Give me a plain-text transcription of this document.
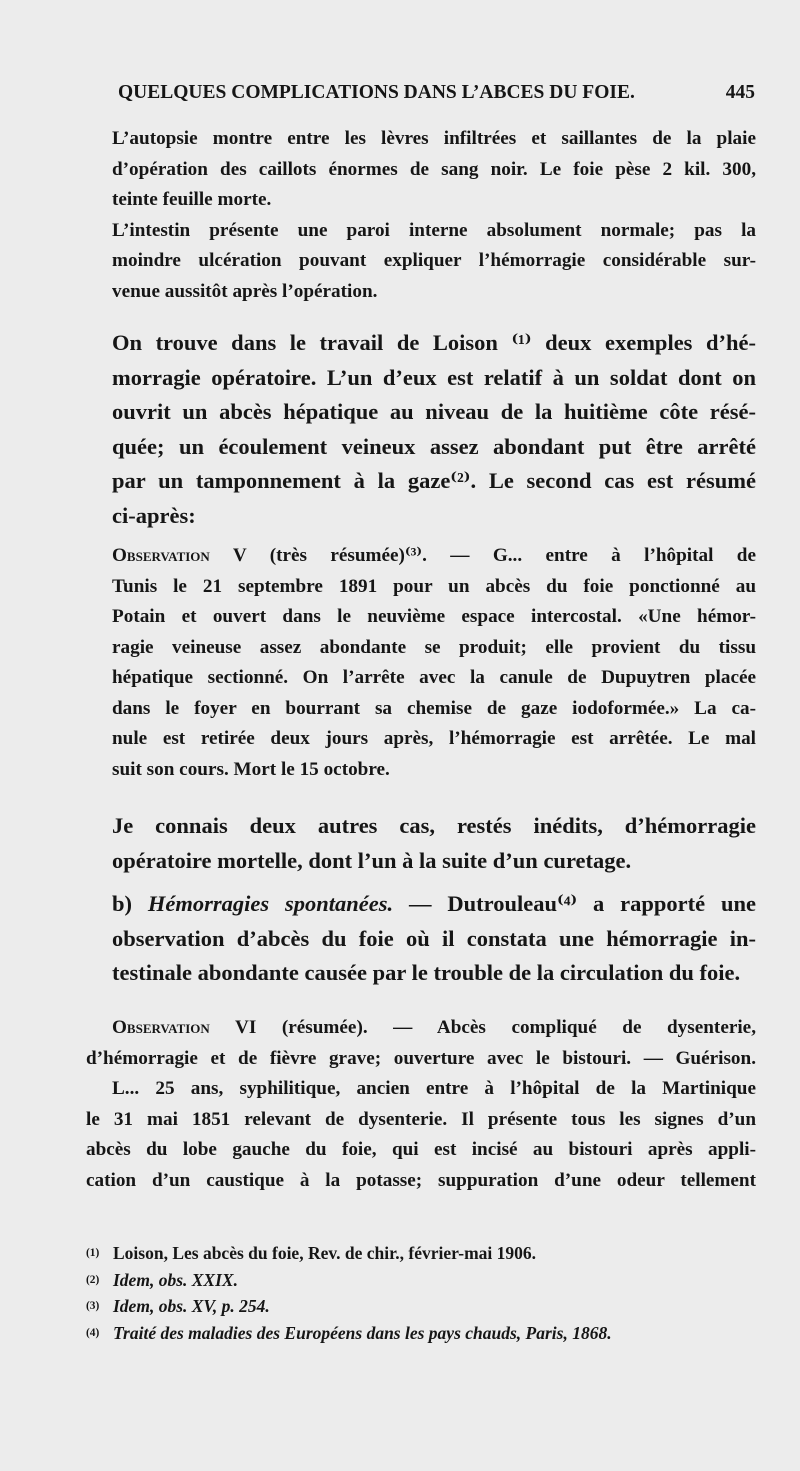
QUELQUES COMPLICATIONS DANS L’ABCES DU FOIE.	445

L’autopsie montre entre les lèvres infiltrées et saillantes de la plaie
d’opération des caillots énormes de sang noir. Le foie pèse 2 kil. 300,
teinte feuille morte.

L’intestin présente une paroi interne absolument normale; pas la
moindre ulcération pouvant expliquer l’hémorragie considérable sur-
venue aussitôt après l’opération.

On trouve dans le travail de Loison ⁽¹⁾ deux exemples d’hé-
morragie opératoire. L’un d’eux est relatif à un soldat dont on
ouvrit un abcès hépatique au niveau de la huitième côte résé-
quée; un écoulement veineux assez abondant put être arrêté
par un tamponnement à la gaze⁽²⁾. Le second cas est résumé
ci-après:

Observation V (très résumée)⁽³⁾. — G... entre à l’hôpital de
Tunis le 21 septembre 1891 pour un abcès du foie ponctionné au
Potain et ouvert dans le neuvième espace intercostal. «Une hémor-
ragie veineuse assez abondante se produit; elle provient du tissu
hépatique sectionné. On l’arrête avec la canule de Dupuytren placée
dans le foyer en bourrant sa chemise de gaze iodoformée.» La ca-
nule est retirée deux jours après, l’hémorragie est arrêtée. Le mal
suit son cours. Mort le 15 octobre.

Je connais deux autres cas, restés inédits, d’hémorragie
opératoire mortelle, dont l’un à la suite d’un curetage.

b) Hémorragies spontanées. — Dutrouleau⁽⁴⁾ a rapporté une
observation d’abcès du foie où il constata une hémorragie in-
testinale abondante causée par le trouble de la circulation du foie.

Observation VI (résumée). — Abcès compliqué de dysenterie,
d’hémorragie et de fièvre grave; ouverture avec le bistouri. — Guérison.
L... 25 ans, syphilitique, ancien entre à l’hôpital de la Martinique
le 31 mai 1851 relevant de dysenterie. Il présente tous les signes d’un
abcès du lobe gauche du foie, qui est incisé au bistouri après appli-
cation d’un caustique à la potasse; suppuration d’une odeur tellement

(1) Loison, Les abcès du foie, Rev. de chir., février-mai 1906.
(2) Idem, obs. XXIX.
(3) Idem, obs. XV, p. 254.
(4) Traité des maladies des Européens dans les pays chauds, Paris, 1868.
